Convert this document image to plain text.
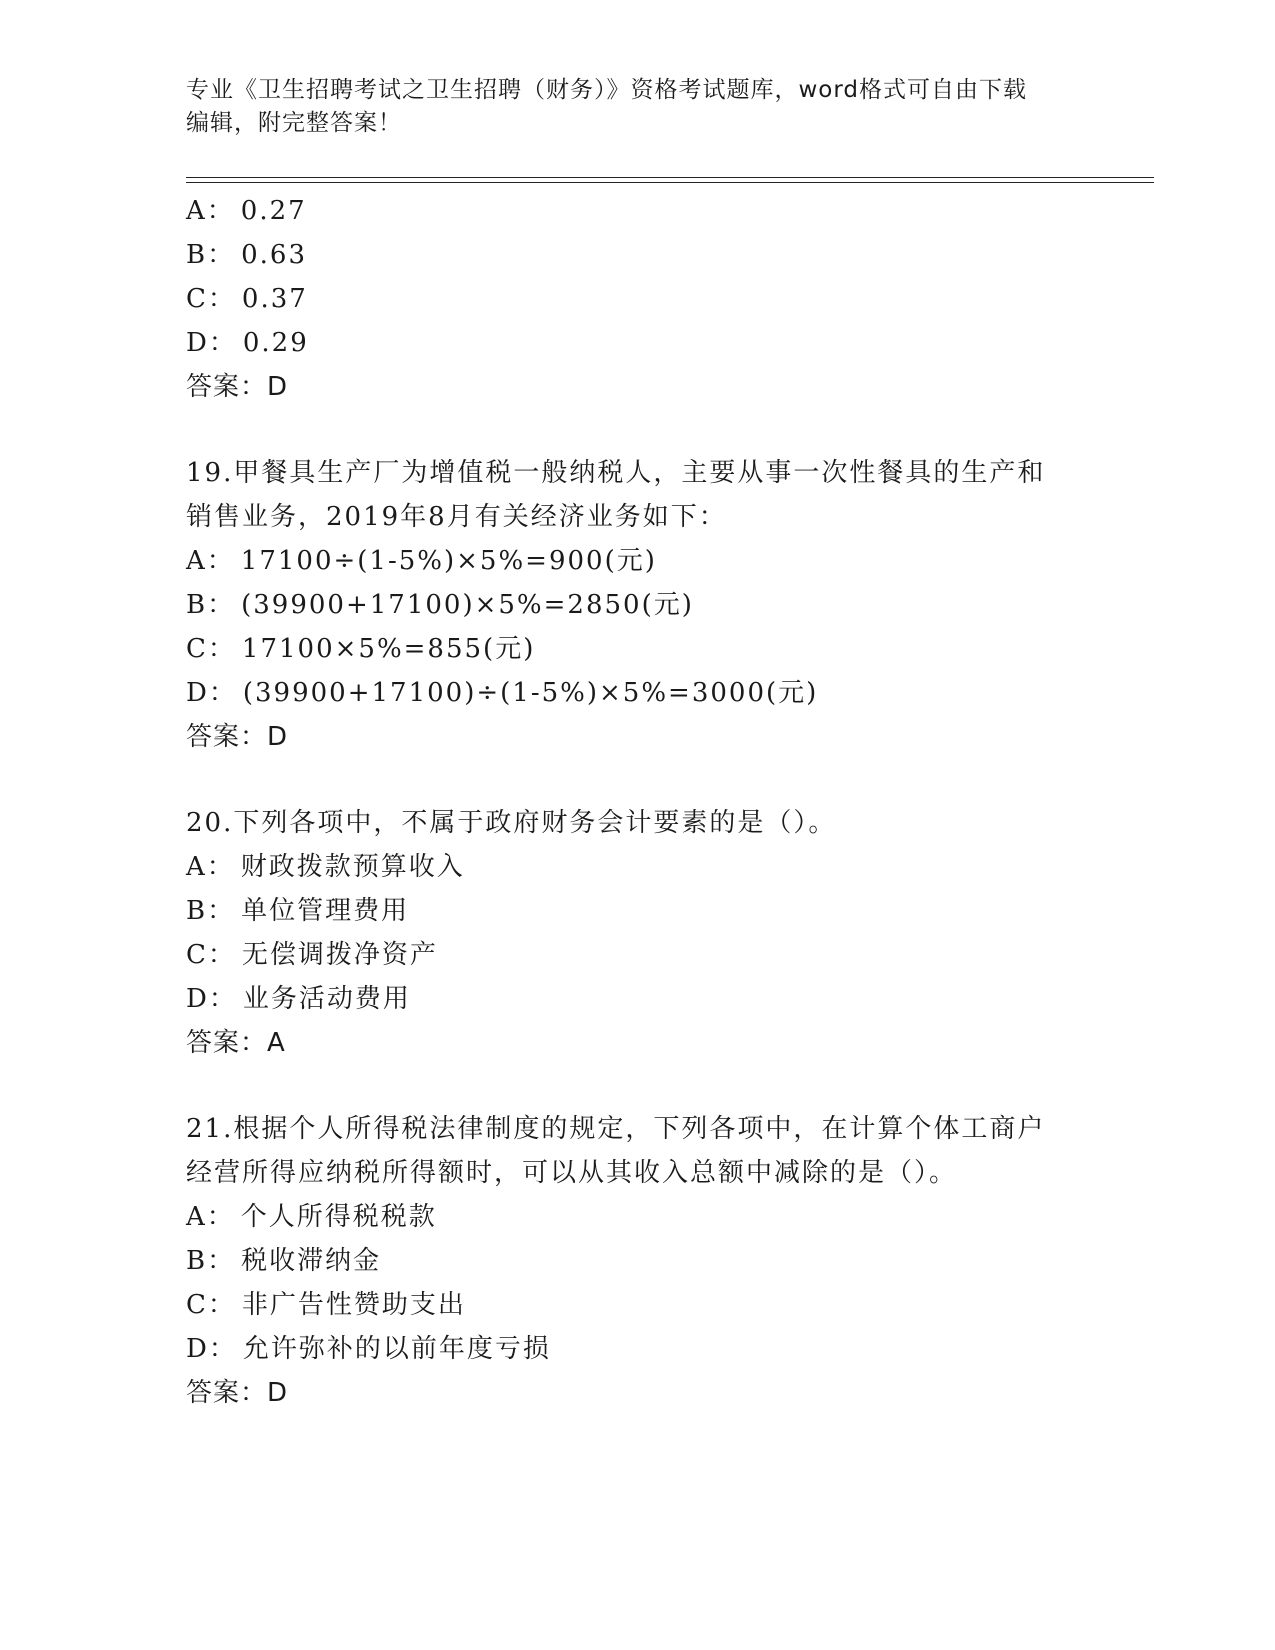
专业《卫生招聘考试之卫生招聘（财务）》资格考试题库，word格式可自由下载
编辑，附完整答案！
A： 0.27
B： 0.63
C： 0.37
D： 0.29
答案：D
19.甲餐具生产厂为增值税一般纳税人，主要从事一次性餐具的生产和
销售业务，2019年8月有关经济业务如下：
A： 17100÷(1-5%)×5%=900(元)
B： (39900+17100)×5%=2850(元)
C： 17100×5%=855(元)
D： (39900+17100)÷(1-5%)×5%=3000(元)
答案：D
20.下列各项中，不属于政府财务会计要素的是（）。
A： 财政拨款预算收入
B： 单位管理费用
C： 无偿调拨净资产
D： 业务活动费用
答案：A
21.根据个人所得税法律制度的规定，下列各项中，在计算个体工商户
经营所得应纳税所得额时，可以从其收入总额中减除的是（）。
A： 个人所得税税款
B： 税收滞纳金
C： 非广告性赞助支出
D： 允许弥补的以前年度亏损
答案：D
